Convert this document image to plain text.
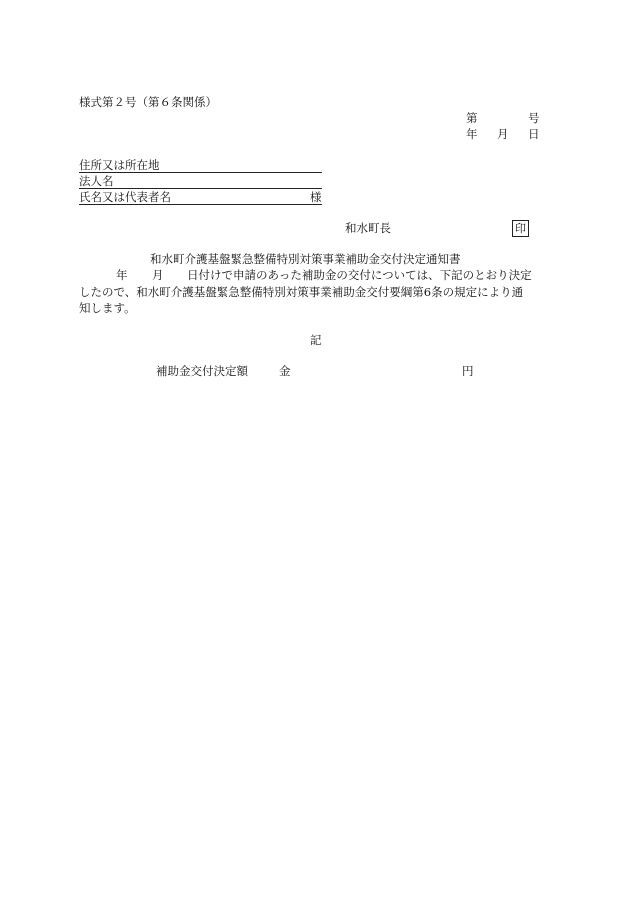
様式第２号（第６条関係）
第	号
年 月 日
住所又は所在地
法人名
氏名又は代表者名	様
和水町長	印
和水町介護基盤緊急整備特別対策事業補助金交付決定通知書
年 月 日付けで申請のあった補助金の交付については、下記のとおり決定
したので、和水町介護基盤緊急整備特別対策事業補助金交付要綱第6条の規定により通
知します。
記
補助金交付決定額	金	円
